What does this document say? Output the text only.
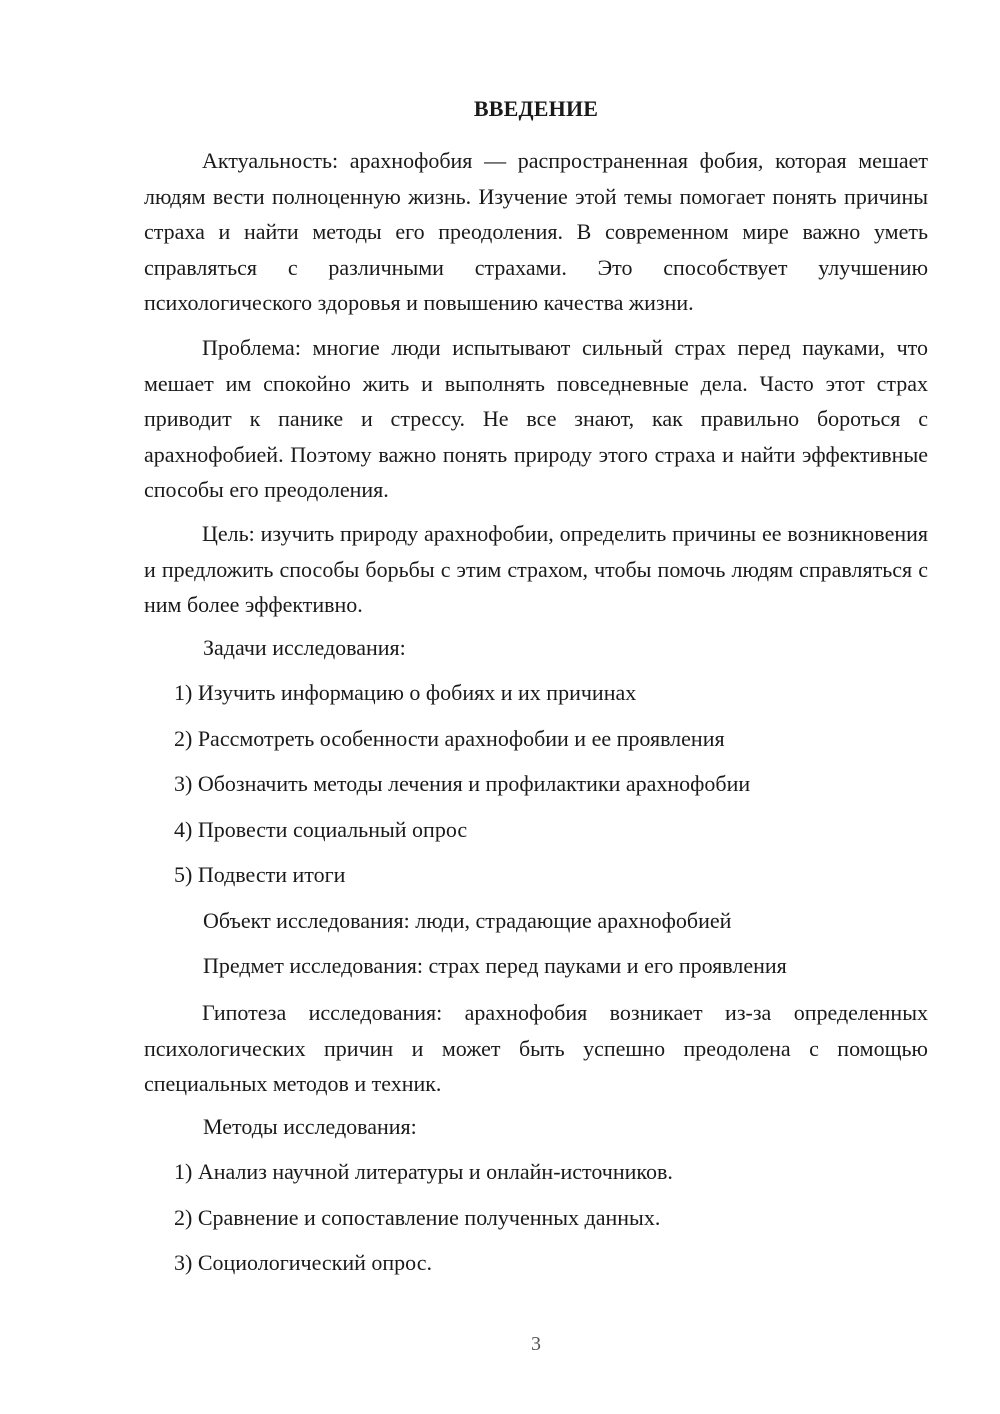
ВВЕДЕНИЕ

Актуальность: арахнофобия — распространенная фобия, которая мешает людям вести полноценную жизнь. Изучение этой темы помогает понять причины страха и найти методы его преодоления. В современном мире важно уметь справляться с различными страхами. Это способствует улучшению психологического здоровья и повышению качества жизни.

Проблема: многие люди испытывают сильный страх перед пауками, что мешает им спокойно жить и выполнять повседневные дела. Часто этот страх приводит к панике и стрессу. Не все знают, как правильно бороться с арахнофобией. Поэтому важно понять природу этого страха и найти эффективные способы его преодоления.

Цель: изучить природу арахнофобии, определить причины ее возникновения и предложить способы борьбы с этим страхом, чтобы помочь людям справляться с ним более эффективно.

Задачи исследования:
1) Изучить информацию о фобиях и их причинах
2) Рассмотреть особенности арахнофобии и ее проявления
3) Обозначить методы лечения и профилактики арахнофобии
4) Провести социальный опрос
5) Подвести итоги
Объект исследования: люди, страдающие арахнофобией
Предмет исследования: страх перед пауками и его проявления

Гипотеза исследования: арахнофобия возникает из-за определенных психологических причин и может быть успешно преодолена с помощью специальных методов и техник.

Методы исследования:
1) Анализ научной литературы и онлайн-источников.
2) Сравнение и сопоставление полученных данных.
3) Социологический опрос.
3
